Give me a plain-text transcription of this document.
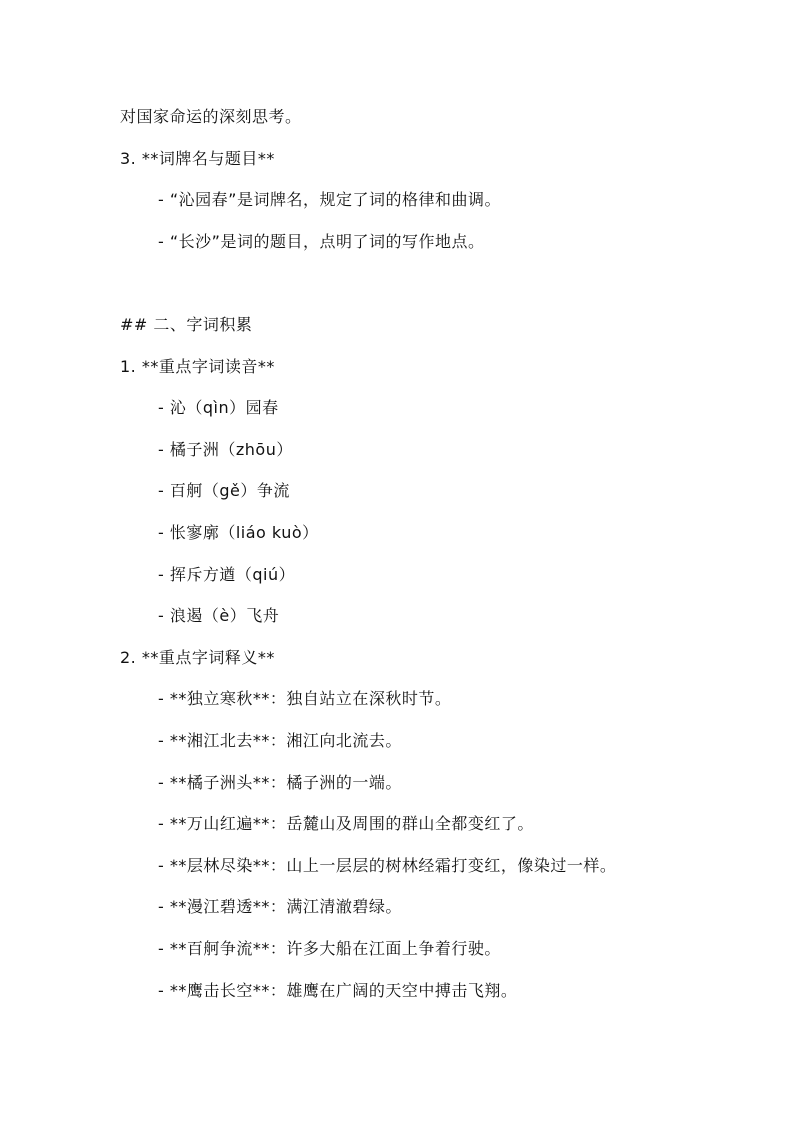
对国家命运的深刻思考。
3. **词牌名与题目**
- “沁园春”是词牌名，规定了词的格律和曲调。
- “长沙”是词的题目，点明了词的写作地点。
## 二、字词积累
1. **重点字词读音**
- 沁（qìn）园春
- 橘子洲（zhōu）
- 百舸（gě）争流
- 怅寥廓（liáo kuò）
- 挥斥方遒（qiú）
- 浪遏（è）飞舟
2. **重点字词释义**
- **独立寒秋**：独自站立在深秋时节。
- **湘江北去**：湘江向北流去。
- **橘子洲头**：橘子洲的一端。
- **万山红遍**：岳麓山及周围的群山全都变红了。
- **层林尽染**：山上一层层的树林经霜打变红，像染过一样。
- **漫江碧透**：满江清澈碧绿。
- **百舸争流**：许多大船在江面上争着行驶。
- **鹰击长空**：雄鹰在广阔的天空中搏击飞翔。
